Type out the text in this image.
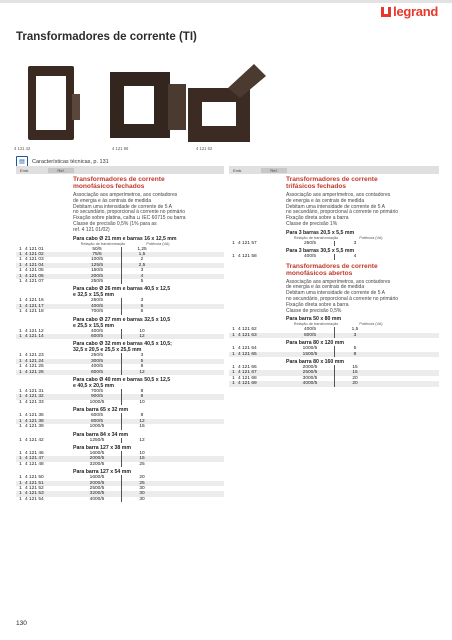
legrand
Transformadores de corrente (TI)
4 121 42	4 121 86	4 121 62
▤	Características técnicas, p. 131
Emb.	Ref.	Emb.	Ref.
Transformadores de corrente
monofásicos fechados
Associação aos amperímetros, aos contadores
de energia e às centrais de medida
Debitam uma intensidade de corrente de 5 A
no secundário, proporcional à corrente no primário
Fixação sobre platina, calha ⊔ IEC 60715 ou barra
Classe de precisão 0,5% (1% para as
ref. 4 121 01/02)
Para cabo Ø 21 mm e barras 16 x 12,5 mm
Relação de transformação	Potência (VA)
1 4 121 01	50/5	1,25
1 4 121 02	75/5	1,5
1 4 121 03	100/5	2
1 4 121 04	125/5	2,5
1 4 121 05	150/5	3
1 4 121 06	200/5	4
1 4 121 07	250/5	5
Para cabo Ø 26 mm e barras 40,5 x 12,5
e 32,5 x 15,5 mm
1 4 121 16	250/5	3
1 4 121 17	400/5	6
1 4 121 18	700/5	6
Para cabo Ø 27 mm e barras 32,5 x 10,5
e 25,5 x 15,5 mm
1 4 121 12	400/5	10
1 4 121 14	600/5	12
Para cabo Ø 32 mm e barras 40,5 x 10,5;
32,5 x 20,5 e 25,5 x 25,5 mm
1 4 121 23	250/5	3
1 4 121 24	300/5	5
1 4 121 25	400/5	8
1 4 121 26	600/5	12
Para cabo Ø 40 mm e barras 50,5 x 12,5
e 40,5 x 20,5 mm
1 4 121 31	700/5	8
1 4 121 32	900/5	8
1 4 121 33	1000/5	10
Para barra 65 x 32 mm
1 4 121 36	600/5	8
1 4 121 38	800/5	12
1 4 121 39	1000/5	15
Para barra 84 x 34 mm
1 4 121 42	1250/5	12
Para barra 127 x 38 mm
1 4 121 46	1600/5	10
1 4 121 47	2000/5	15
1 4 121 48	3200/5	25
Para barra 127 x 54 mm
1 4 121 50	1600/5	20
1 4 121 51	2000/5	25
1 4 121 52	2500/5	30
1 4 121 53	3200/5	30
1 4 121 54	4000/5	30
Transformadores de corrente
trifásicos fechados
Associação aos amperímetros, aos contadores
de energia e às centrais de medida
Debitam uma intensidade de corrente de 5 A
no secundário, proporcional à corrente no primário
Fixação direta sobre a barra
Classe de precisão 1%
Para 3 barras 20,5 x 5,5 mm
Relação de transformação	Potência (VA)
1 4 121 57	250/5	3
Para 3 barras 30,5 x 5,5 mm
1 4 121 58	400/5	4
Transformadores de corrente
monofásicos abertos
Associação aos amperímetros, aos contadores
de energia e às centrais de medida
Debitam uma intensidade de corrente de 5 A
no secundário, proporcional à corrente no primário
Fixação direta sobre a barra
Classe de precisão 0,5%
Para barra 50 x 80 mm
Relação de transformação	Potência (VA)
1 4 121 62	400/5	1,5
1 4 121 63	800/5	3
Para barra 80 x 120 mm
1 4 121 64	1000/5	5
1 4 121 65	1500/5	8
Para barra 80 x 160 mm
1 4 121 66	2000/5	15
1 4 121 67	2500/5	15
1 4 121 68	3000/5	20
1 4 121 69	4000/5	20
130
